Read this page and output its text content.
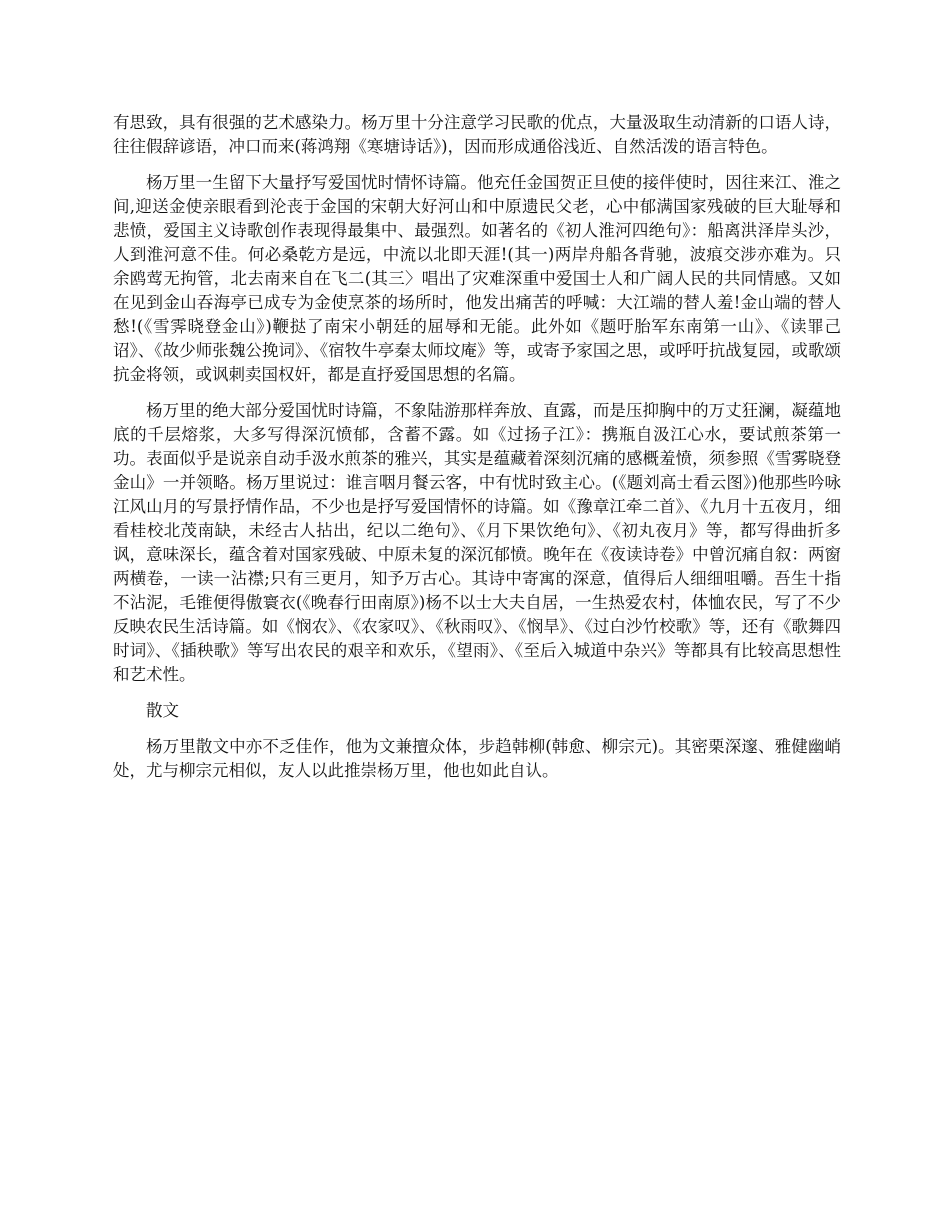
有思致，具有很强的艺术感染力。杨万里十分注意学习民歌的优点，大量汲取生动清新的口语人诗，往往假辞谚语，冲口而来(蒋鸿翔《寒塘诗话》)，因而形成通俗浅近、自然活泼的语言特色。

杨万里一生留下大量抒写爱国忧时情怀诗篇。他充任金国贺正旦使的接伴使时，因往来江、淮之间,迎送金使亲眼看到沦丧于金国的宋朝大好河山和中原遗民父老，心中郁满国家残破的巨大耻辱和悲愤，爱国主义诗歌创作表现得最集中、最强烈。如著名的《初人淮河四绝句》：船离洪泽岸头沙，人到淮河意不佳。何必桑乾方是远，中流以北即天涯!(其一)两岸舟船各背驰，波痕交涉亦难为。只余鸥莺无拘管，北去南来自在飞二(其三〉唱出了灾难深重中爱国士人和广阔人民的共同情感。又如在见到金山吞海亭已成专为金使烹茶的场所时，他发出痛苦的呼喊：大江端的替人羞!金山端的替人愁!(《雪霁晓登金山》)鞭挞了南宋小朝廷的屈辱和无能。此外如《题吁胎军东南第一山》、《读罪己诏》、《故少师张魏公挽词》、《宿牧牛亭秦太师坟庵》等，或寄予家国之思，或呼吁抗战复园，或歌颂抗金将领，或讽刺卖国权奸，都是直抒爱国思想的名篇。

杨万里的绝大部分爱国忧时诗篇，不象陆游那样奔放、直露，而是压抑胸中的万丈狂澜，凝蕴地底的千层熔浆，大多写得深沉愤郁，含蓄不露。如《过扬子江》：携瓶自汲江心水，要试煎茶第一功。表面似乎是说亲自动手汲水煎茶的雅兴，其实是蕴藏着深刻沉痛的感概羞愤，须参照《雪雾晓登金山》一并领略。杨万里说过：谁言咽月餐云客，中有忧时致主心。(《题刘高士看云图》)他那些吟咏江风山月的写景抒情作品，不少也是抒写爱国情怀的诗篇。如《豫章江牵二首》、《九月十五夜月，细看桂校北茂南缺，未经古人拈出，纪以二绝句》、《月下果饮绝句》、《初丸夜月》等，都写得曲折多讽，意味深长，蕴含着对国家残破、中原未复的深沉郁愤。晚年在《夜读诗卷》中曾沉痛自叙：两窗两横卷，一读一沾襟;只有三更月，知予万古心。其诗中寄寓的深意，值得后人细细咀嚼。吾生十指不沾泥，毛锥便得傲寰衣(《晚春行田南原》)杨不以士大夫自居，一生热爱农村，体恤农民，写了不少反映农民生活诗篇。如《悯农》、《农家叹》、《秋雨叹》、《悯旱》、《过白沙竹校歌》等，还有《歌舞四时词》、《插秧歌》等写出农民的艰辛和欢乐，《望雨》、《至后入城道中杂兴》等都具有比较高思想性和艺术性。

散文

杨万里散文中亦不乏佳作，他为文兼擅众体，步趋韩柳(韩愈、柳宗元)。其密栗深邃、雅健幽峭处，尤与柳宗元相似，友人以此推崇杨万里，他也如此自认。
